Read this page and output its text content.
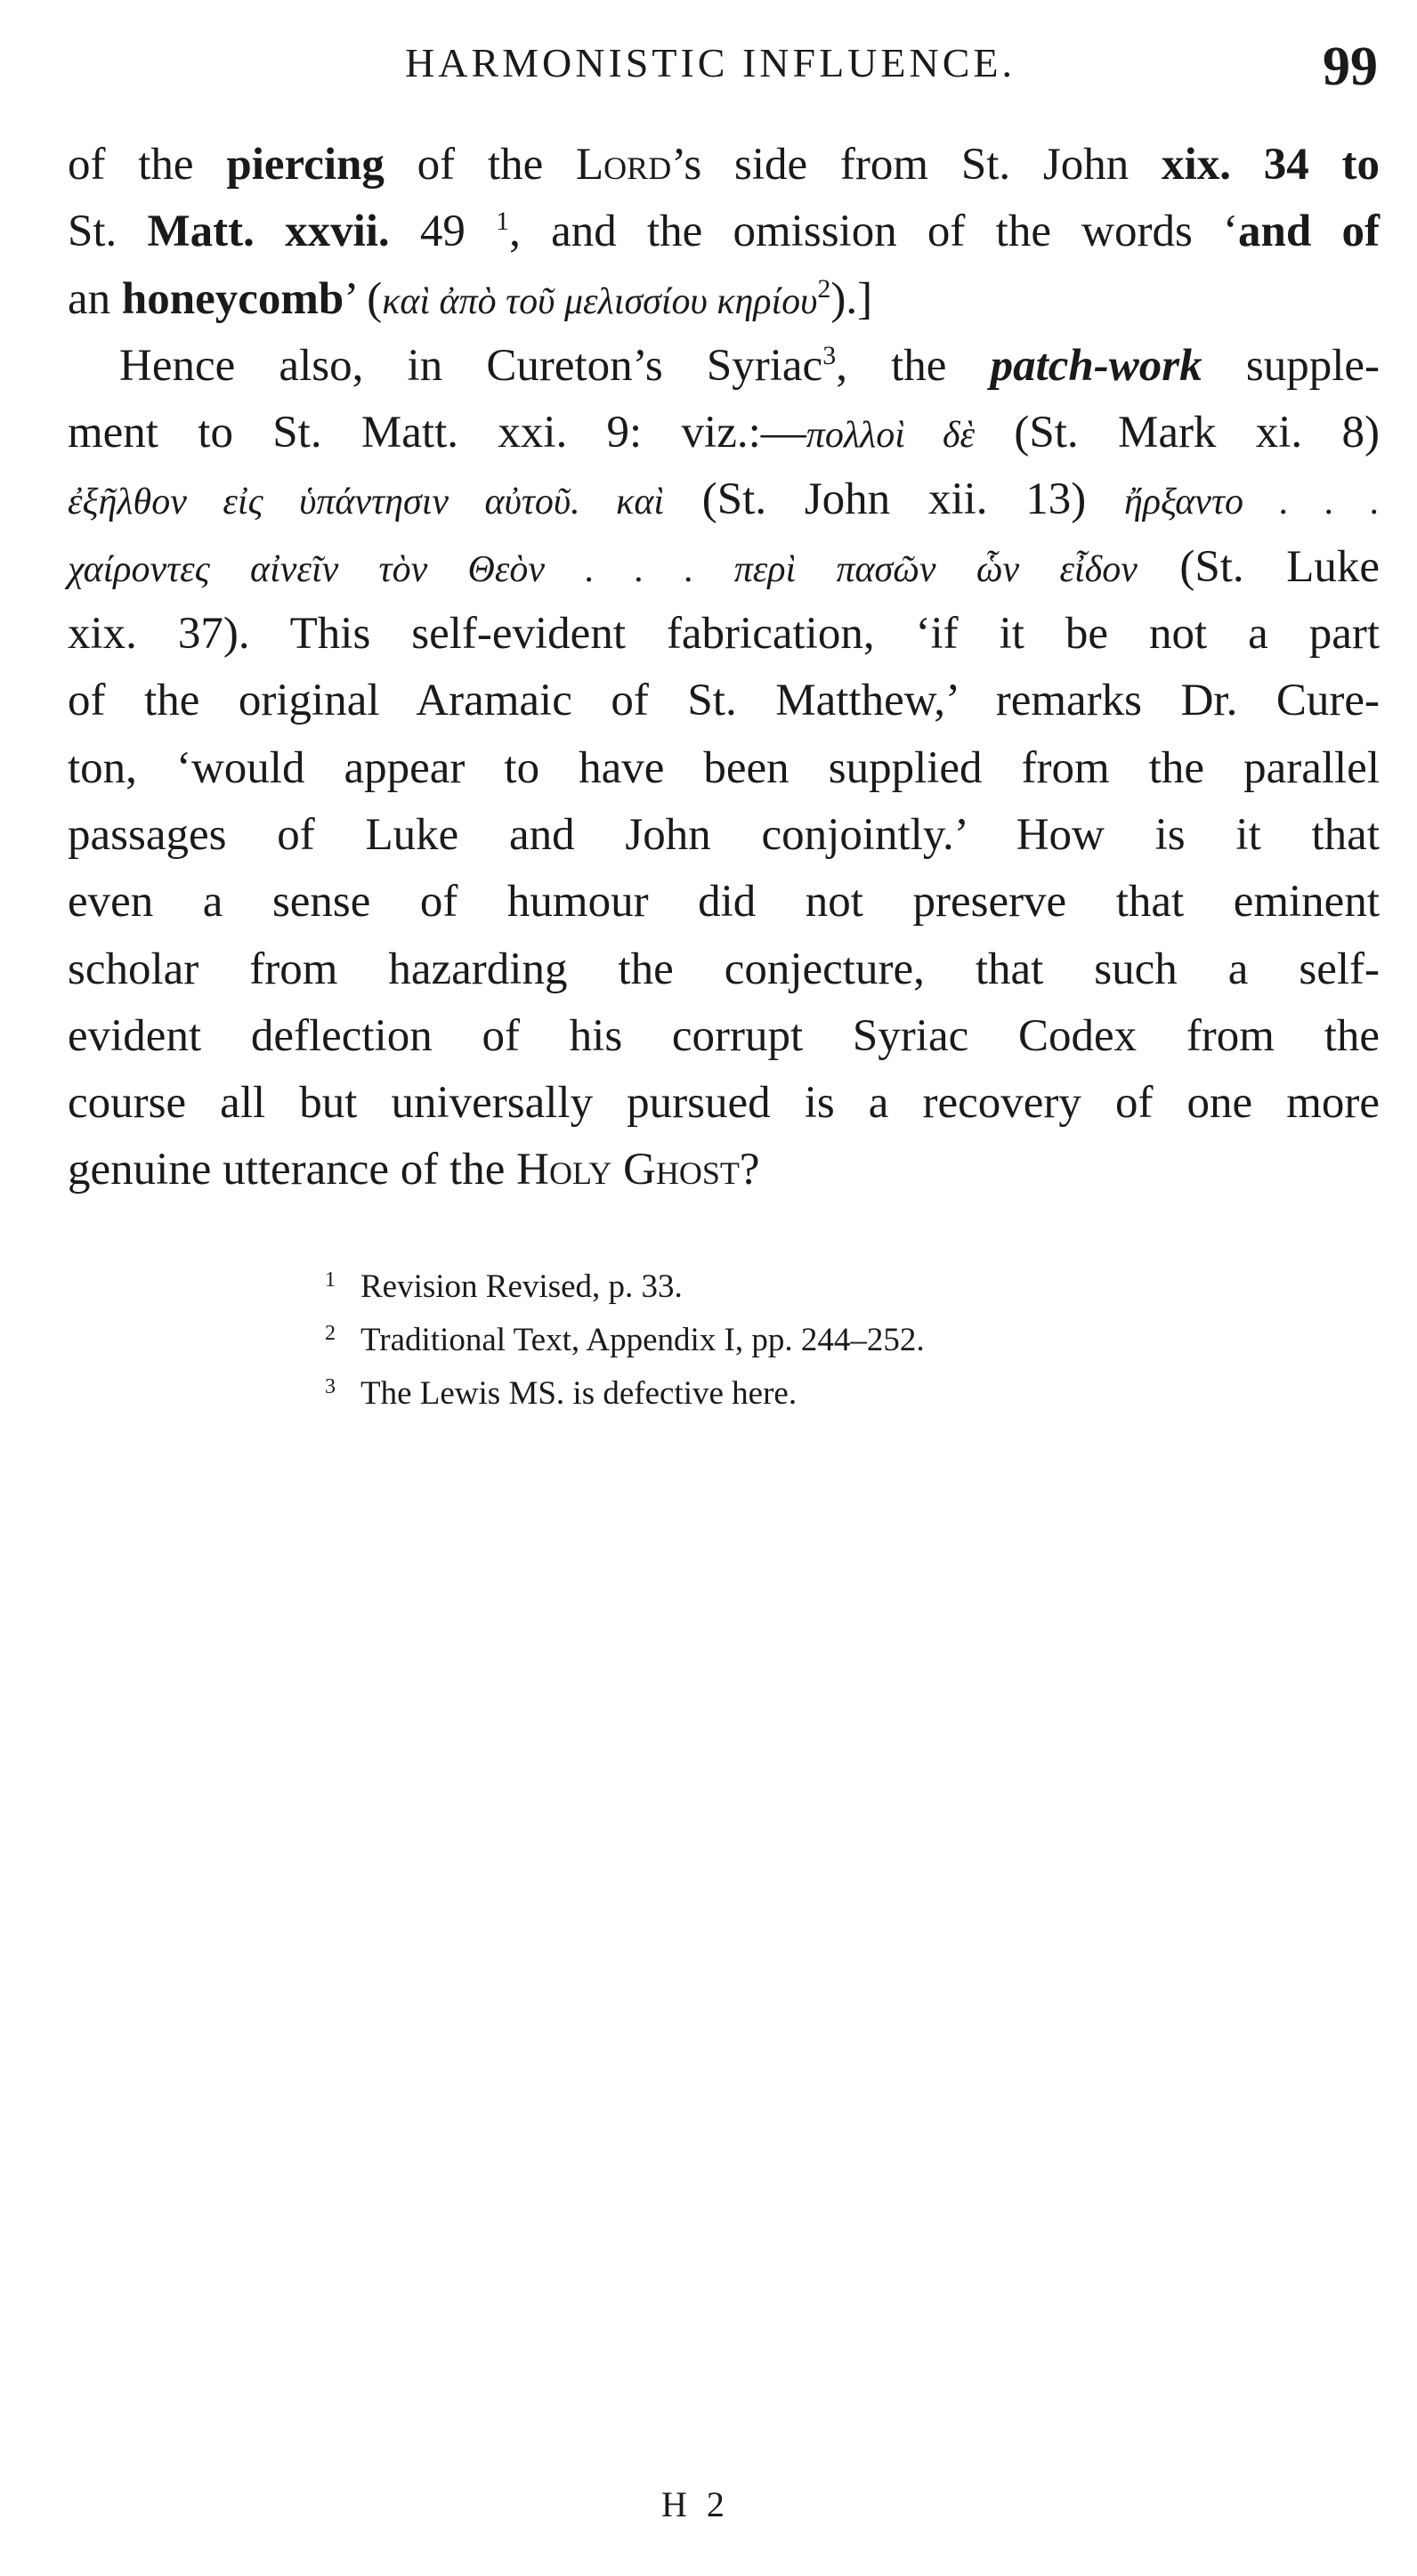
HARMONISTIC INFLUENCE.	99
of the piercing of the Lord’s side from St. John xix. 34 to
St. Matt. xxvii. 49 $^1$, and the omission of the words ‘and of
an honeycomb’ (καὶ ἀπὸ τοῦ μελισσίου κηρίου$^2$).]
Hence also, in Cureton’s Syriac$^3$, the patch-work supple-
ment to St. Matt. xxi. 9: viz.:—πολλοὶ δὲ (St. Mark xi. 8)
ἐξῆλθον εἰς ὑπάντησιν αὐτοῦ. καὶ (St. John xii. 13) ἤρξαντο . . .
χαίροντες αἰνεῖν τὸν Θεὸν . . . περὶ πασῶν ὧν εἶδον (St. Luke
xix. 37). This self-evident fabrication, ‘if it be not a part
of the original Aramaic of St. Matthew,’ remarks Dr. Cure-
ton, ‘would appear to have been supplied from the parallel
passages of Luke and John conjointly.’ How is it that
even a sense of humour did not preserve that eminent
scholar from hazarding the conjecture, that such a self-
evident deflection of his corrupt Syriac Codex from the
course all but universally pursued is a recovery of one more
genuine utterance of the Holy Ghost?
1 Revision Revised, p. 33.
2 Traditional Text, Appendix I, pp. 244–252.
3 The Lewis MS. is defective here.
H 2
